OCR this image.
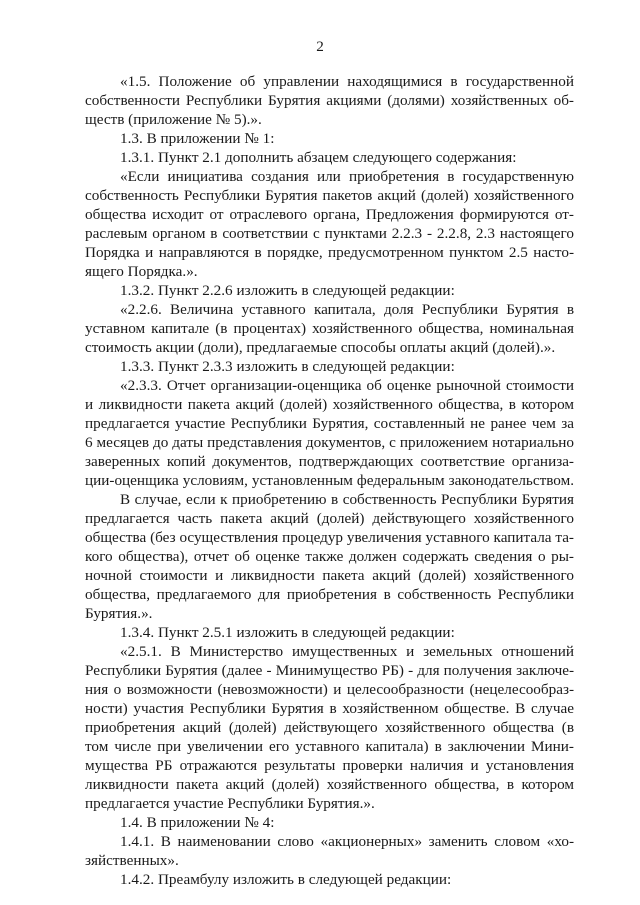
2
«1.5. Положение об управлении находящимися в государственной
собственности Республики Бурятия акциями (долями) хозяйственных об-
ществ (приложение № 5).».
1.3. В приложении № 1:
1.3.1. Пункт 2.1 дополнить абзацем следующего содержания:
«Если инициатива создания или приобретения в государственную
собственность Республики Бурятия пакетов акций (долей) хозяйственного
общества исходит от отраслевого органа, Предложения формируются от-
раслевым органом в соответствии с пунктами 2.2.3 - 2.2.8, 2.3 настоящего
Порядка и направляются в порядке, предусмотренном пунктом 2.5 насто-
ящего Порядка.».
1.3.2. Пункт 2.2.6 изложить в следующей редакции:
«2.2.6. Величина уставного капитала, доля Республики Бурятия в
уставном капитале (в процентах) хозяйственного общества, номинальная
стоимость акции (доли), предлагаемые способы оплаты акций (долей).».
1.3.3. Пункт 2.3.3 изложить в следующей редакции:
«2.3.3. Отчет организации-оценщика об оценке рыночной стоимости
и ликвидности пакета акций (долей) хозяйственного общества, в котором
предлагается участие Республики Бурятия, составленный не ранее чем за
6 месяцев до даты представления документов, с приложением нотариально
заверенных копий документов, подтверждающих соответствие организа-
ции-оценщика условиям, установленным федеральным законодательством.
В случае, если к приобретению в собственность Республики Бурятия
предлагается часть пакета акций (долей) действующего хозяйственного
общества (без осуществления процедур увеличения уставного капитала та-
кого общества), отчет об оценке также должен содержать сведения о ры-
ночной стоимости и ликвидности пакета акций (долей) хозяйственного
общества, предлагаемого для приобретения в собственность Республики
Бурятия.».
1.3.4. Пункт 2.5.1 изложить в следующей редакции:
«2.5.1. В Министерство имущественных и земельных отношений
Республики Бурятия (далее - Минимущество РБ) - для получения заключе-
ния о возможности (невозможности) и целесообразности (нецелесообраз-
ности) участия Республики Бурятия в хозяйственном обществе. В случае
приобретения акций (долей) действующего хозяйственного общества (в
том числе при увеличении его уставного капитала) в заключении Мини-
мущества РБ отражаются результаты проверки наличия и установления
ликвидности пакета акций (долей) хозяйственного общества, в котором
предлагается участие Республики Бурятия.».
1.4. В приложении № 4:
1.4.1. В наименовании слово «акционерных» заменить словом «хо-
зяйственных».
1.4.2. Преамбулу изложить в следующей редакции:
